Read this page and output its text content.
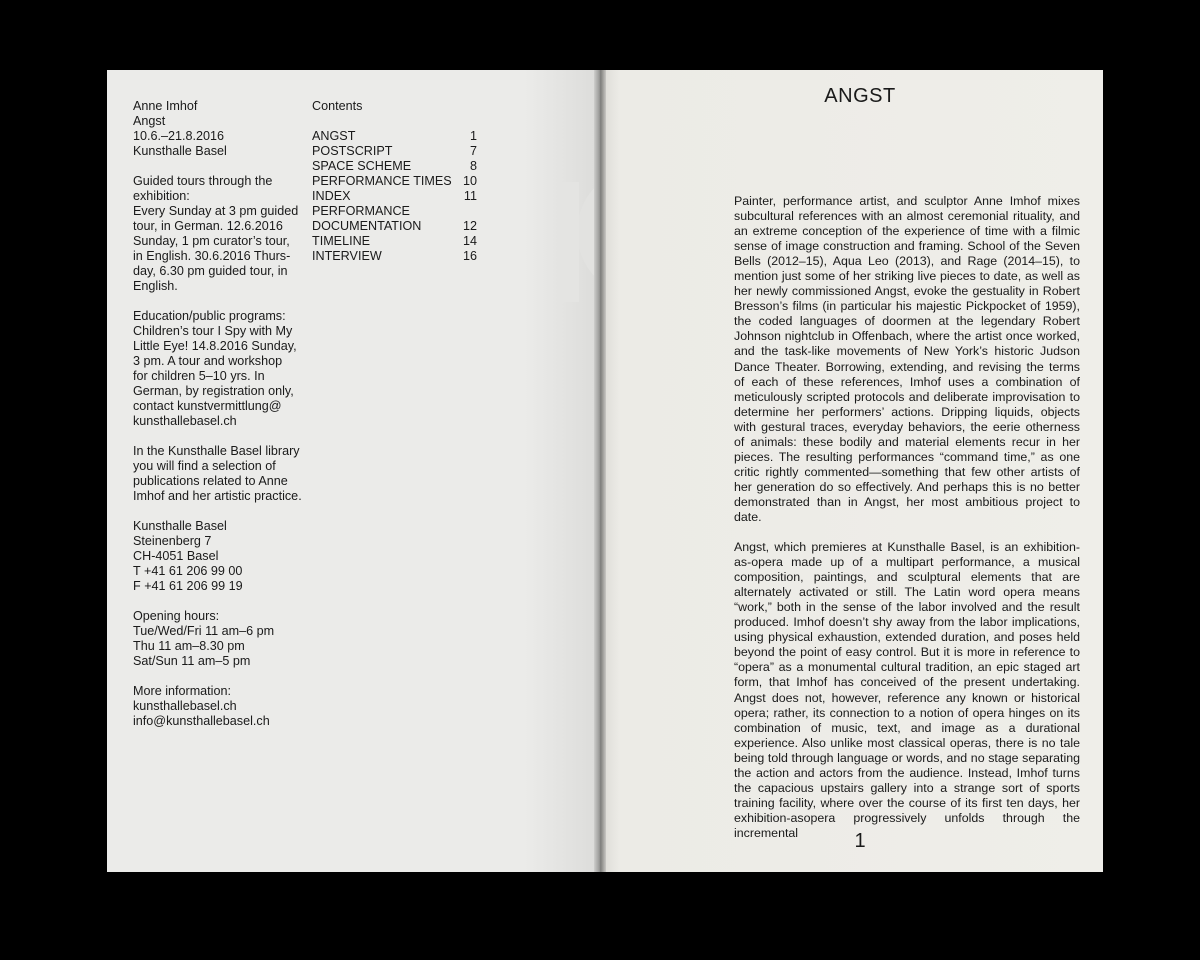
Anne Imhof
Angst
10.6.–21.8.2016
Kunsthalle Basel
Guided tours through the
exhibition:
Every Sunday at 3 pm guided
tour, in German. 12.6.2016
Sunday, 1 pm curator’s tour,
in English. 30.6.2016 Thurs-
day, 6.30 pm guided tour, in
English.
Education/public programs:
Children’s tour I Spy with My
Little Eye! 14.8.2016 Sunday,
3 pm. A tour and workshop
for children 5–10 yrs. In
German, by registration only,
contact kunstvermittlung@
kunsthallebasel.ch
In the Kunsthalle Basel library
you will find a selection of
publications related to Anne
Imhof and her artistic practice.
Kunsthalle Basel
Steinenberg 7
CH-4051 Basel
T +41 61 206 99 00
F +41 61 206 99 19
Opening hours:
Tue/Wed/Fri 11 am–6 pm
Thu 11 am–8.30 pm
Sat/Sun 11 am–5 pm
More information:
kunsthallebasel.ch
info@kunsthallebasel.ch
Contents
ANGST	1
POSTSCRIPT	7
SPACE SCHEME	8
PERFORMANCE TIMES 10
INDEX	11
PERFORMANCE
DOCUMENTATION	12
TIMELINE	14
INTERVIEW	16
ANGST

Painter, performance artist, and sculptor Anne Imhof mixes subcultural references with an almost ceremonial rituality, and an extreme conception of the experience of time with a filmic sense of image construction and framing. School of the Seven Bells (2012–15), Aqua Leo (2013), and Rage (2014–15), to mention just some of her striking live pieces to date, as well as her newly commissioned Angst, evoke the gestuality in Robert Bresson’s films (in particular his majestic Pickpocket of 1959), the coded languages of doormen at the legendary Robert Johnson nightclub in Offenbach, where the artist once worked, and the task-like movements of New York’s historic Judson Dance Theater. Borrowing, extending, and revising the terms of each of these references, Imhof uses a combination of meticulously scripted protocols and deliberate improvisation to determine her performers’ actions. Dripping liquids, objects with gestural traces, everyday behaviors, the eerie otherness of animals: these bodily and material elements recur in her pieces. The resulting performances “command time,” as one critic rightly commented—something that few other artists of her generation do so effectively. And perhaps this is no better demonstrated than in Angst, her most ambitious project to date.

Angst, which premieres at Kunsthalle Basel, is an exhibition-as-opera made up of a multipart performance, a musical composition, paintings, and sculptural elements that are alternately activated or still. The Latin word opera means “work,” both in the sense of the labor involved and the result produced. Imhof doesn’t shy away from the labor implications, using physical exhaustion, extended duration, and poses held beyond the point of easy control. But it is more in reference to “opera” as a monumental cultural tradition, an epic staged art form, that Imhof has conceived of the present undertaking. Angst does not, however, reference any known or historical opera; rather, its connection to a notion of opera hinges on its combination of music, text, and image as a durational experience. Also unlike most classical operas, there is no tale being told through language or words, and no stage separating the action and actors from the audience. Instead, Imhof turns the capacious upstairs gallery into a strange sort of sports training facility, where over the course of its first ten days, her exhibition-asopera progressively unfolds through the incremental	1
